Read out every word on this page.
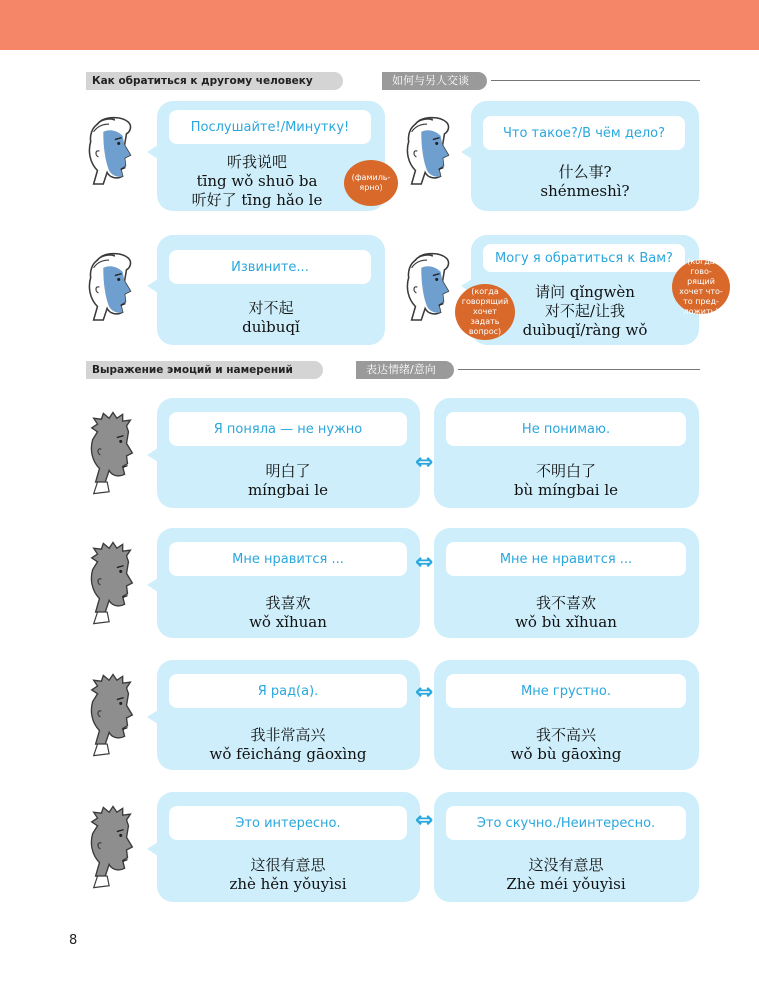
Как обратиться к другому человеку	如何与另人交谈
Послушайте!/Минутку!
听我说吧
tīng wǒ shuō ba
听好了 tīng hǎo le
(фамиль-ярно)
Что такое?/В чём дело?
什么事?
shénmeshì?
Извините...
对不起
duìbuqǐ
Могу я обратиться к Вам?
请问 qǐngwèn
对不起/让我
duìbuqǐ/ràng wǒ
(когда говорящий хочет задать вопрос)
(когда гово-рящий хочет что-то пред-ложить)
Выражение эмоций и намерений	表达情绪/意向
Я поняла — не нужно
明白了
míngbai le
⇔
Не понимаю.
不明白了
bù míngbai le
Мне нравится ...
我喜欢
wǒ xǐhuan
⇔	Мне не нравится ...
我不喜欢
wǒ bù xǐhuan
Я рад(а).
我非常高兴
wǒ fēicháng gāoxìng
⇔	Мне грустно.
我不高兴
wǒ bù gāoxìng
Это интересно.
这很有意思
zhè hěn yǒuyìsi
⇔	Это скучно./Неинтересно.
这没有意思
Zhè méi yǒuyìsi
8
